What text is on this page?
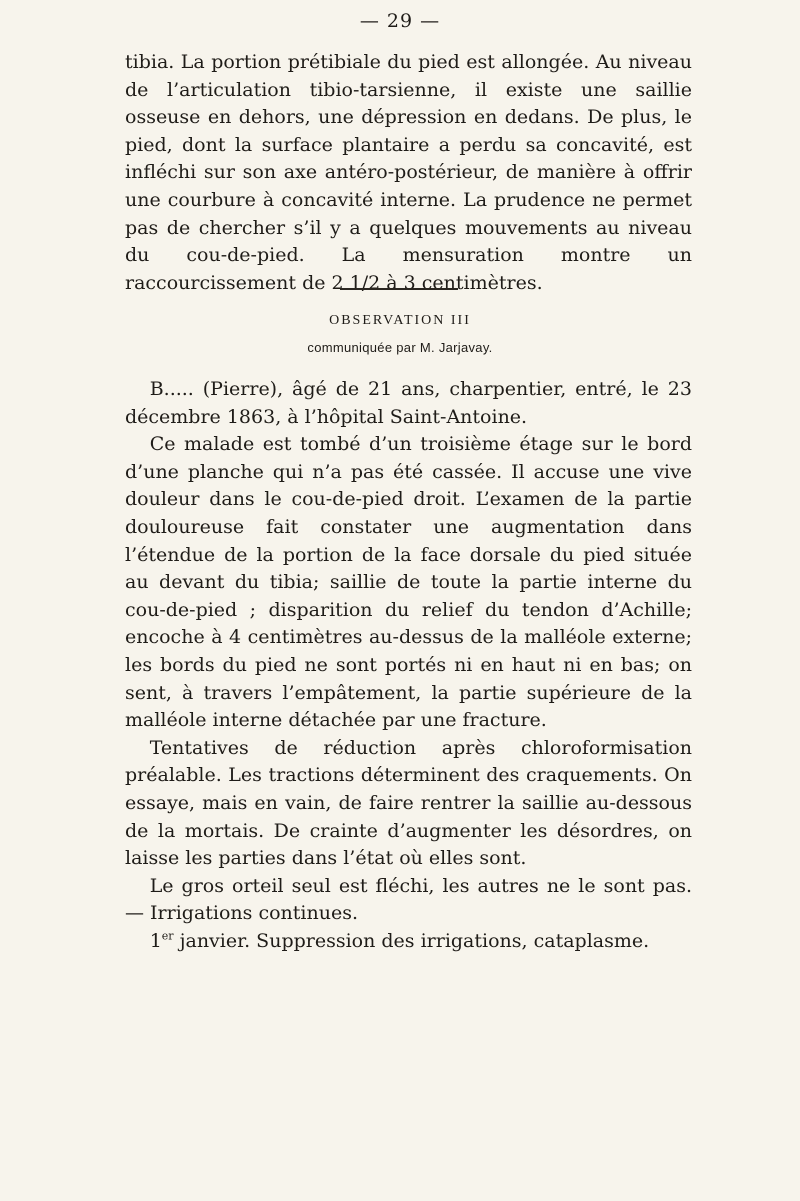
— 29 —

tibia. La portion prétibiale du pied est allongée. Au niveau de l’articulation tibio-tarsienne, il existe une saillie osseuse en dehors, une dépression en dedans. De plus, le pied, dont la surface plantaire a perdu sa concavité, est infléchi sur son axe antéro-postérieur, de manière à offrir une courbure à concavité interne. La prudence ne permet pas de chercher s’il y a quelques mouvements au niveau du cou-de-pied. La mensuration montre un raccourcissement de 2 1/2 à 3 centimètres.

OBSERVATION III
communiquée par M. Jarjavay.

B..... (Pierre), âgé de 21 ans, charpentier, entré, le 23 décembre 1863, à l’hôpital Saint-Antoine.

Ce malade est tombé d’un troisième étage sur le bord d’une planche qui n’a pas été cassée. Il accuse une vive douleur dans le cou-de-pied droit. L’examen de la partie douloureuse fait constater une augmentation dans l’étendue de la portion de la face dorsale du pied située au devant du tibia; saillie de toute la partie interne du cou-de-pied ; disparition du relief du tendon d’Achille; encoche à 4 centimètres au-dessus de la malléole externe; les bords du pied ne sont portés ni en haut ni en bas; on sent, à travers l’empâtement, la partie supérieure de la malléole interne détachée par une fracture.

Tentatives de réduction après chloroformisation préalable. Les tractions déterminent des craquements. On essaye, mais en vain, de faire rentrer la saillie au-dessous de la mortais. De crainte d’augmenter les désordres, on laisse les parties dans l’état où elles sont.

Le gros orteil seul est fléchi, les autres ne le sont pas. — Irrigations continues.

1er janvier. Suppression des irrigations, cataplasme.
